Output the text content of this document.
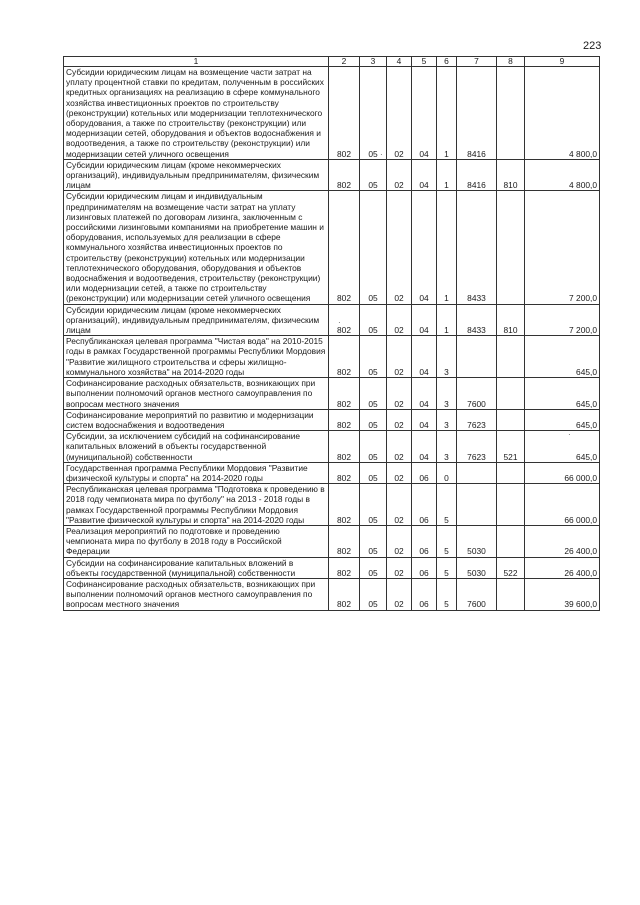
223
·
·
·
1	2	3	4	5	6	7	8	9
Субсидии юридическим лицам на возмещение части затрат на уплату процентной ставки по кредитам, полученным в российских кредитных организациях на реализацию в сфере коммунального хозяйства инвестиционных проектов по строительству (реконструкции) котельных или модернизации теплотехнического оборудования, а также по строительству (реконструкции) или модернизации сетей, оборудования и объектов водоснабжения и водоотведения, а также по строительству (реконструкции) или модернизации сетей уличного освещения	802	05	02	04	1	8416		4 800,0
Субсидии юридическим лицам (кроме некоммерческих организаций), индивидуальным предпринимателям, физическим лицам	802	05	02	04	1	8416	810	4 800,0
Субсидии юридическим лицам и индивидуальным предпринимателям на возмещение части затрат на уплату лизинговых платежей по договорам лизинга, заключенным с российскими лизинговыми компаниями на приобретение машин и оборудования, используемых для реализации в сфере коммунального хозяйства инвестиционных проектов по строительству (реконструкции) котельных или модернизации теплотехнического оборудования, оборудования и объектов водоснабжения и водоотведения, строительству (реконструкции) или модернизации сетей, а также по строительству (реконструкции) или модернизации сетей уличного освещения	802	05	02	04	1	8433		7 200,0
Субсидии юридическим лицам (кроме некоммерческих организаций), индивидуальным предпринимателям, физическим лицам	802	05	02	04	1	8433	810	7 200,0
Республиканская целевая программа "Чистая вода" на 2010-2015 годы в рамках Государственной программы Республики Мордовия "Развитие жилищного строительства и сферы жилищно-коммунального хозяйства" на 2014-2020 годы	802	05	02	04	3			645,0
Софинансирование расходных обязательств, возникающих при выполнении полномочий органов местного самоуправления по вопросам местного значения	802	05	02	04	3	7600		645,0
Софинансирование мероприятий по развитию и модернизации систем водоснабжения и водоотведения	802	05	02	04	3	7623		645,0
Субсидии, за исключением субсидий на софинансирование капитальных вложений в объекты государственной (муниципальной) собственности	802	05	02	04	3	7623	521	645,0
Государственная программа Республики Мордовия "Развитие физической культуры и спорта" на 2014-2020 годы	802	05	02	06	0			66 000,0
Республиканская целевая программа "Подготовка к проведению в 2018 году чемпионата мира по футболу" на 2013 - 2018 годы в рамках Государственной программы Республики Мордовия "Развитие физической культуры и спорта" на 2014-2020 годы	802	05	02	06	5			66 000,0
Реализация мероприятий по подготовке и проведению чемпионата мира по футболу в 2018 году в Российской Федерации	802	05	02	06	5	5030		26 400,0
Субсидии на софинансирование капитальных вложений в объекты государственной (муниципальной) собственности	802	05	02	06	5	5030	522	26 400,0
Софинансирование расходных обязательств, возникающих при выполнении полномочий органов местного самоуправления по вопросам местного значения	802	05	02	06	5	7600		39 600,0
